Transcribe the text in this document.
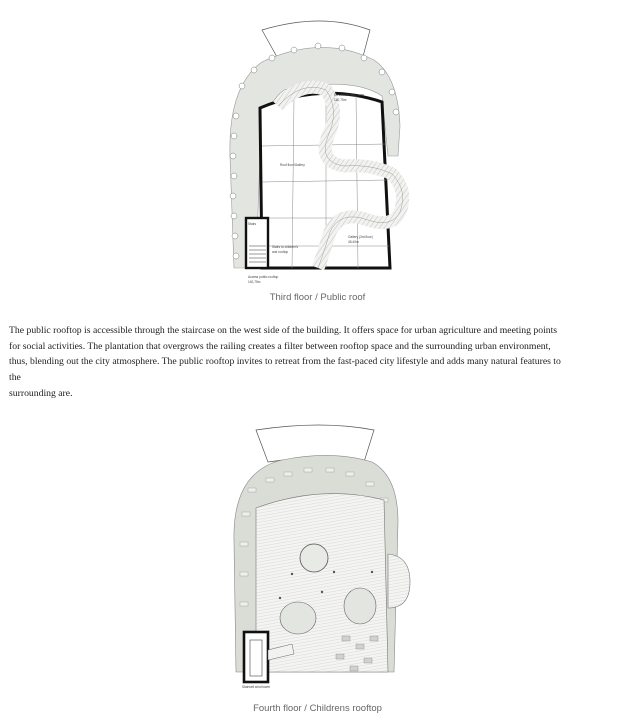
Elevated/bench room
140,75m
Roof floor/Gallery
Stairs
Stairs to children's
and rooftop
Gallery (3rd floor)
45,40m
Access public rooftop
140,75m
Third floor / Public roof
The public rooftop is accessible through the staircase on the west side of the building. It offers space for urban agriculture and meeting points
for social activities. The plantation that overgrows the railing creates a filter between rooftop space and the surrounding urban environment,
thus, blending out the city atmosphere. The public rooftop invites to retreat from the fast-paced city lifestyle and adds many natural features to
the
surrounding are.
Stairwell wind tower
Fourth floor / Childrens rooftop
